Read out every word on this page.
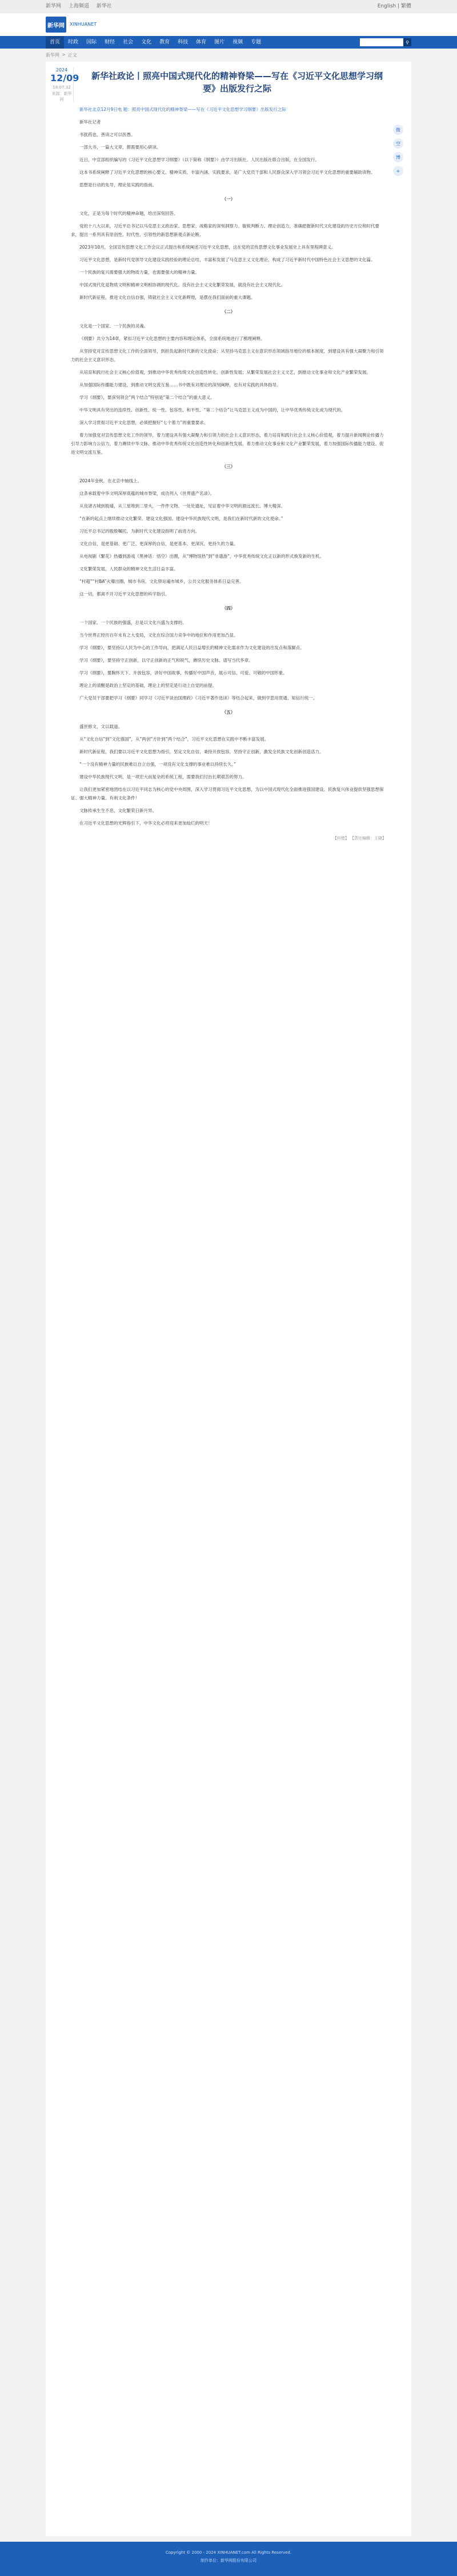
新华网 上海频道 新华社	English | 繁體
新华网	XINHUANET
首页	时政	国际	财经	社会	文化	教育	科技	体育	图片	视频	专题	⚲
新华网 > 正文
2024
12/09
18:07:32
来源：新华网
新华社政论丨照亮中国式现代化的精神脊梁——写在《习近平文化思想学习纲要》出版发行之际
微
空
博
+

新华社北京12月9日电 题：照亮中国式现代化的精神脊梁——写在《习近平文化思想学习纲要》出版发行之际

新华社记者

书犹药也，善读之可以医愚。

一部大书，一篇大文章，都需要用心研读。

近日，中宣部组织编写的《习近平文化思想学习纲要》（以下简称《纲要》）由学习出版社、人民出版社联合出版，在全国发行。

这本书系统阐释了习近平文化思想的核心要义、精神实质、丰富内涵、实践要求，是广大党员干部和人民群众深入学习领会习近平文化思想的重要辅助读物。

思想是行动的先导，理论是实践的指南。

（一）

文化，正是为每个时代的精神命题，给出深刻回答。

党的十八大以来，习近平总书记以马克思主义政治家、思想家、战略家的深刻洞察力、敏锐判断力、理论创造力，准确把握新时代文化建设的历史方位和时代要求，提出一系列具有原创性、时代性、引领性的新思想新观点新论断。

2023年10月，全国宣传思想文化工作会议正式提出和系统阐述习近平文化思想，这在党的宣传思想文化事业发展史上具有里程碑意义。

习近平文化思想，是新时代党领导文化建设实践经验的理论总结，丰富和发展了马克思主义文化理论，构成了习近平新时代中国特色社会主义思想的文化篇。

一个民族的复兴需要强大的物质力量，也需要强大的精神力量。

中国式现代化是物质文明和精神文明相协调的现代化。没有社会主义文化繁荣发展，就没有社会主义现代化。

新时代新征程，推进文化自信自强，铸就社会主义文化新辉煌，是摆在我们面前的重大课题。

（二）

文化是一个国家、一个民族的灵魂。

《纲要》共分为14章，紧扣习近平文化思想的主要内容和理论体系，全面系统地进行了梳理阐释。

从坚持党对宣传思想文化工作的全面领导，到担负起新时代新的文化使命；从坚持马克思主义在意识形态领域指导地位的根本制度，到建设具有强大凝聚力和引领力的社会主义意识形态。

从培育和践行社会主义核心价值观，到推动中华优秀传统文化创造性转化、创新性发展；从繁荣发展社会主义文艺，到推动文化事业和文化产业繁荣发展。

从加强国际传播能力建设，到推动文明交流互鉴……书中既有对理论的深刻阐释，也有对实践的具体指导。

学习《纲要》，要深刻领会“两个结合”特别是“第二个结合”的重大意义。

中华文明具有突出的连续性、创新性、统一性、包容性、和平性。“第二个结合”让马克思主义成为中国的，让中华优秀传统文化成为现代的。

深入学习贯彻习近平文化思想，必须把握好“七个着力”的重要要求。

着力加强党对宣传思想文化工作的领导，着力建设具有强大凝聚力和引领力的社会主义意识形态，着力培育和践行社会主义核心价值观，着力提升新闻舆论传播力引导力影响力公信力，着力赓续中华文脉、推动中华优秀传统文化创造性转化和创新性发展，着力推动文化事业和文化产业繁荣发展，着力加强国际传播能力建设、促进文明交流互鉴。

（三）

2024年金秋，在北京中轴线上。

这条承载着中华文明深厚底蕴的城市脊梁，成功列入《世界遗产名录》。

从良渚古城到殷墟，从三星堆到二里头，一件件文物、一处处遗址，见证着中华文明的源远流长、博大精深。

“在新的起点上继续推动文化繁荣、建设文化强国、建设中华民族现代文明，是我们在新时代新的文化使命。”

习近平总书记的殷殷嘱托，为新时代文化建设指明了前进方向。

文化自信，是更基础、更广泛、更深厚的自信，是更基本、更深沉、更持久的力量。

从电视剧《繁花》热播到游戏《黑神话：悟空》出圈，从“博物馆热”到“非遗游”，中华优秀传统文化正以新的形式焕发新的生机。

文化繁荣发展，人民群众的精神文化生活日益丰富。

“村超”“村BA”火爆出圈，城市书房、文化驿站遍布城乡，公共文化服务体系日益完善。

这一切，都离不开习近平文化思想的科学指引。

（四）

一个国家、一个民族的强盛，总是以文化兴盛为支撑的。

当今世界正经历百年未有之大变局，文化在综合国力竞争中的地位和作用更加凸显。

学习《纲要》，要坚持以人民为中心的工作导向，把满足人民日益增长的精神文化需求作为文化建设的出发点和落脚点。

学习《纲要》，要坚持守正创新，以守正创新的正气和锐气，赓续历史文脉、谱写当代华章。

学习《纲要》，要胸怀天下、开放包容，讲好中国故事，传播好中国声音，展示可信、可爱、可敬的中国形象。

理论上的清醒是政治上坚定的基础，理论上的坚定是行动上自觉的前提。

广大党员干部要把学习《纲要》同学习《习近平谈治国理政》《习近平著作选读》等结合起来，做到学思用贯通、知信行统一。

（五）

盛世修文，文以载道。

从“文化自信”到“文化强国”，从“两创”方针到“两个结合”，习近平文化思想在实践中不断丰富发展。

新时代新征程，我们要以习近平文化思想为指引，坚定文化自信，秉持开放包容，坚持守正创新，激发全民族文化创新创造活力。

“一个没有精神力量的民族难以自立自强，一项没有文化支撑的事业难以持续长久。”

建设中华民族现代文明，是一项宏大而复杂的系统工程，需要我们付出长期艰苦的努力。

让我们更加紧密地团结在以习近平同志为核心的党中央周围，深入学习贯彻习近平文化思想，为以中国式现代化全面推进强国建设、民族复兴伟业提供坚强思想保证、强大精神力量、有利文化条件！

文脉传承生生不息，文化繁荣日新月异。

在习近平文化思想的光辉指引下，中华文化必将迎来更加灿烂的明天！

【纠错】 【责任编辑：王晓】
Copyright © 2000 - 2024 XINHUANET.com All Rights Reserved.
制作单位：新华网股份有限公司
